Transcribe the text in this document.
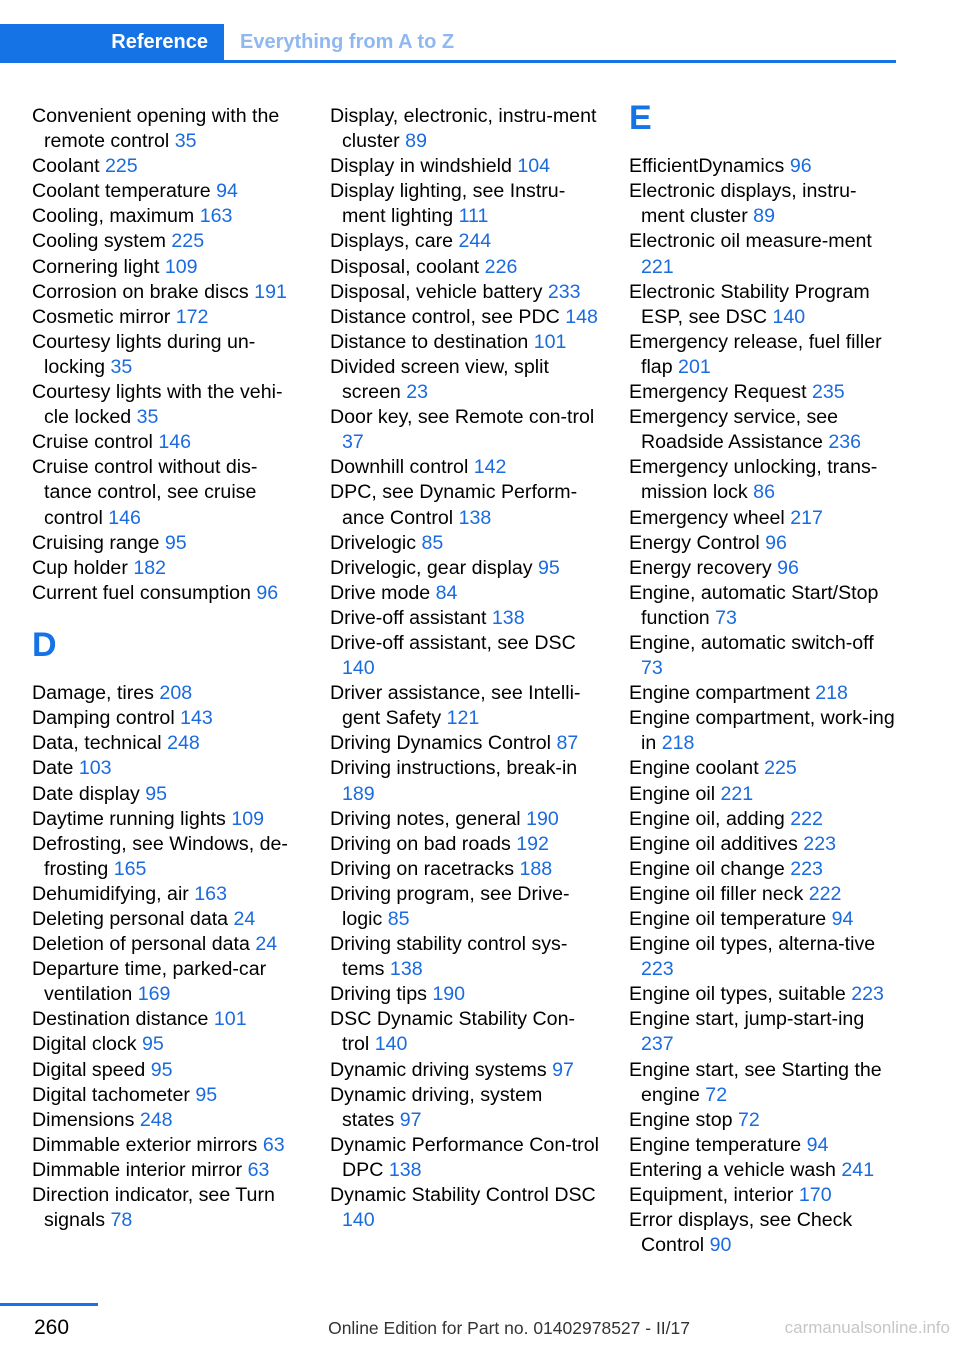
Reference	Everything from A to Z
Convenient opening with the remote control 35
Coolant 225
Coolant temperature 94
Cooling, maximum 163
Cooling system 225
Cornering light 109
Corrosion on brake discs 191
Cosmetic mirror 172
Courtesy lights during un-locking 35
Courtesy lights with the vehi-cle locked 35
Cruise control 146
Cruise control without dis-tance control, see cruise control 146
Cruising range 95
Cup holder 182
Current fuel consumption 96
D
Damage, tires 208
Damping control 143
Data, technical 248
Date 103
Date display 95
Daytime running lights 109
Defrosting, see Windows, de-frosting 165
Dehumidifying, air 163
Deleting personal data 24
Deletion of personal data 24
Departure time, parked-car ventilation 169
Destination distance 101
Digital clock 95
Digital speed 95
Digital tachometer 95
Dimensions 248
Dimmable exterior mirrors 63
Dimmable interior mirror 63
Direction indicator, see Turn signals 78
Display, electronic, instru-ment cluster 89
Display in windshield 104
Display lighting, see Instru-ment lighting 111
Displays, care 244
Disposal, coolant 226
Disposal, vehicle battery 233
Distance control, see PDC 148
Distance to destination 101
Divided screen view, split screen 23
Door key, see Remote con-trol 37
Downhill control 142
DPC, see Dynamic Perform-ance Control 138
Drivelogic 85
Drivelogic, gear display 95
Drive mode 84
Drive-off assistant 138
Drive-off assistant, see DSC 140
Driver assistance, see Intelli-gent Safety 121
Driving Dynamics Control 87
Driving instructions, break-in 189
Driving notes, general 190
Driving on bad roads 192
Driving on racetracks 188
Driving program, see Drive-logic 85
Driving stability control sys-tems 138
Driving tips 190
DSC Dynamic Stability Con-trol 140
Dynamic driving systems 97
Dynamic driving, system states 97
Dynamic Performance Con-trol DPC 138
Dynamic Stability Control DSC 140
E
EfficientDynamics 96
Electronic displays, instru-ment cluster 89
Electronic oil measure-ment 221
Electronic Stability Program ESP, see DSC 140
Emergency release, fuel filler flap 201
Emergency Request 235
Emergency service, see Roadside Assistance 236
Emergency unlocking, trans-mission lock 86
Emergency wheel 217
Energy Control 96
Energy recovery 96
Engine, automatic Start/Stop function 73
Engine, automatic switch-off 73
Engine compartment 218
Engine compartment, work-ing in 218
Engine coolant 225
Engine oil 221
Engine oil, adding 222
Engine oil additives 223
Engine oil change 223
Engine oil filler neck 222
Engine oil temperature 94
Engine oil types, alterna-tive 223
Engine oil types, suitable 223
Engine start, jump-start-ing 237
Engine start, see Starting the engine 72
Engine stop 72
Engine temperature 94
Entering a vehicle wash 241
Equipment, interior 170
Error displays, see Check Control 90
260	Online Edition for Part no. 01402978527 - II/17	carmanualsonline.info
